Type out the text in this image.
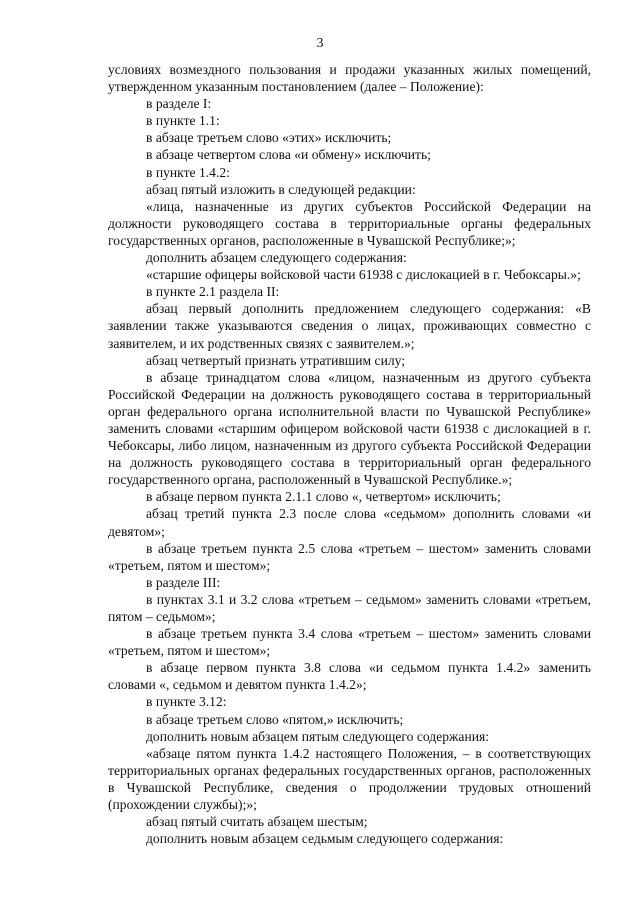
3

условиях возмездного пользования и продажи указанных жилых помещений, утвержденном указанным постановлением (далее – Положение):

в разделе I:

в пункте 1.1:

в абзаце третьем слово «этих» исключить;

в абзаце четвертом слова «и обмену» исключить;

в пункте 1.4.2:

абзац пятый изложить в следующей редакции:

«лица, назначенные из других субъектов Российской Федерации на должности руководящего состава в территориальные органы федеральных государственных органов, расположенные в Чувашской Республике;»;

дополнить абзацем следующего содержания:

«старшие офицеры войсковой части 61938 с дислокацией в г. Чебоксары.»;

в пункте 2.1 раздела II:

абзац первый дополнить предложением следующего содержания: «В заявлении также указываются сведения о лицах, проживающих совместно с заявителем, и их родственных связях с заявителем.»;

абзац четвертый признать утратившим силу;

в абзаце тринадцатом слова «лицом, назначенным из другого субъекта Российской Федерации на должность руководящего состава в территориальный орган федерального органа исполнительной власти по Чувашской Республике» заменить словами «старшим офицером войсковой части 61938 с дислокацией в г. Чебоксары, либо лицом, назначенным из другого субъекта Российской Федерации на должность руководящего состава в территориальный орган федерального государственного органа, расположенный в Чувашской Республике.»;

в абзаце первом пункта 2.1.1 слово «, четвертом» исключить;

абзац третий пункта 2.3 после слова «седьмом» дополнить словами «и девятом»;

в абзаце третьем пункта 2.5 слова «третьем – шестом» заменить словами «третьем, пятом и шестом»;

в разделе III:

в пунктах 3.1 и 3.2 слова «третьем – седьмом» заменить словами «третьем, пятом – седьмом»;

в абзаце третьем пункта 3.4 слова «третьем – шестом» заменить словами «третьем, пятом и шестом»;

в абзаце первом пункта 3.8 слова «и седьмом пункта 1.4.2» заменить словами «, седьмом и девятом пункта 1.4.2»;

в пункте 3.12:

в абзаце третьем слово «пятом,» исключить;

дополнить новым абзацем пятым следующего содержания:

«абзаце пятом пункта 1.4.2 настоящего Положения, – в соответствующих территориальных органах федеральных государственных органов, расположенных в Чувашской Республике, сведения о продолжении трудовых отношений (прохождении службы);»;

абзац пятый считать абзацем шестым;

дополнить новым абзацем седьмым следующего содержания:
